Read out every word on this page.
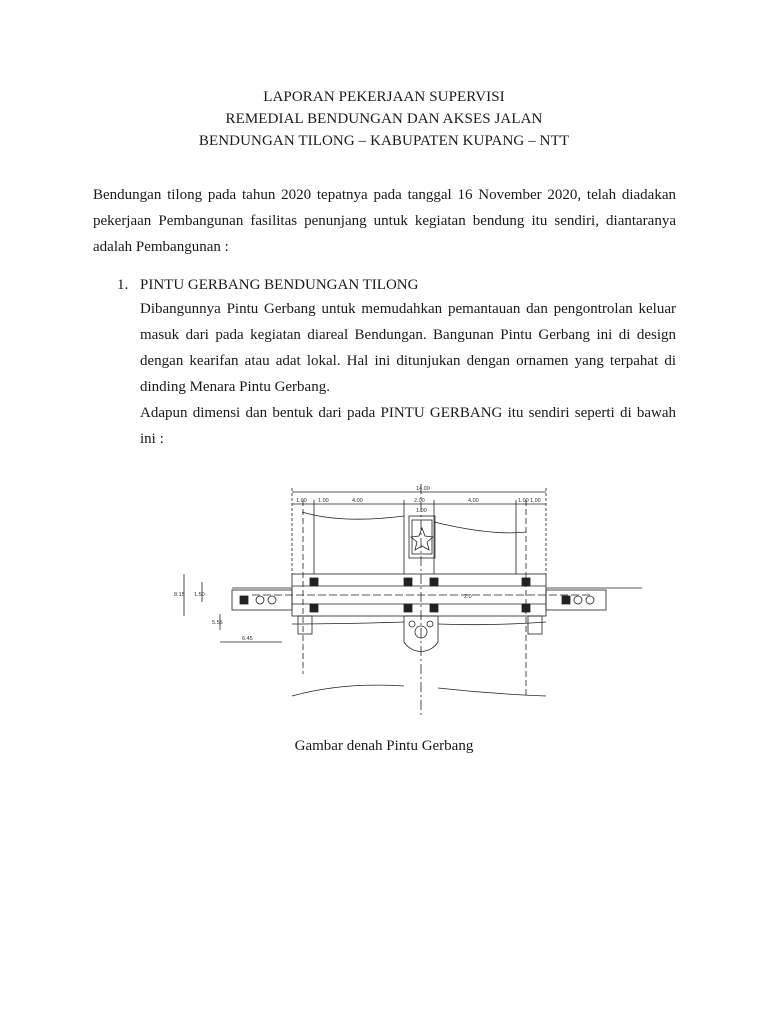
LAPORAN PEKERJAAN SUPERVISI
REMEDIAL BENDUNGAN DAN AKSES JALAN
BENDUNGAN TILONG – KABUPATEN KUPANG – NTT
Bendungan tilong pada tahun 2020 tepatnya pada tanggal 16 November 2020, telah diadakan pekerjaan Pembangunan fasilitas penunjang untuk kegiatan bendung itu sendiri, diantaranya adalah Pembangunan :
1. PINTU GERBANG BENDUNGAN TILONG

Dibangunnya Pintu Gerbang untuk memudahkan pemantauan dan pengontrolan keluar masuk dari pada kegiatan diareal Bendungan. Bangunan Pintu Gerbang ini di design dengan kearifan atau adat lokal. Hal ini ditunjukan dengan ornamen yang terpahat di dinding Menara Pintu Gerbang.

Adapun dimensi dan bentuk dari pada PINTU GERBANG itu sendiri seperti di bawah ini :

14.00
1.00 1.00	4.00	2.00
1.00
4.00	1.00 1.00
8.15 1.50
5.55
6.45
2.0
Gambar denah Pintu Gerbang
